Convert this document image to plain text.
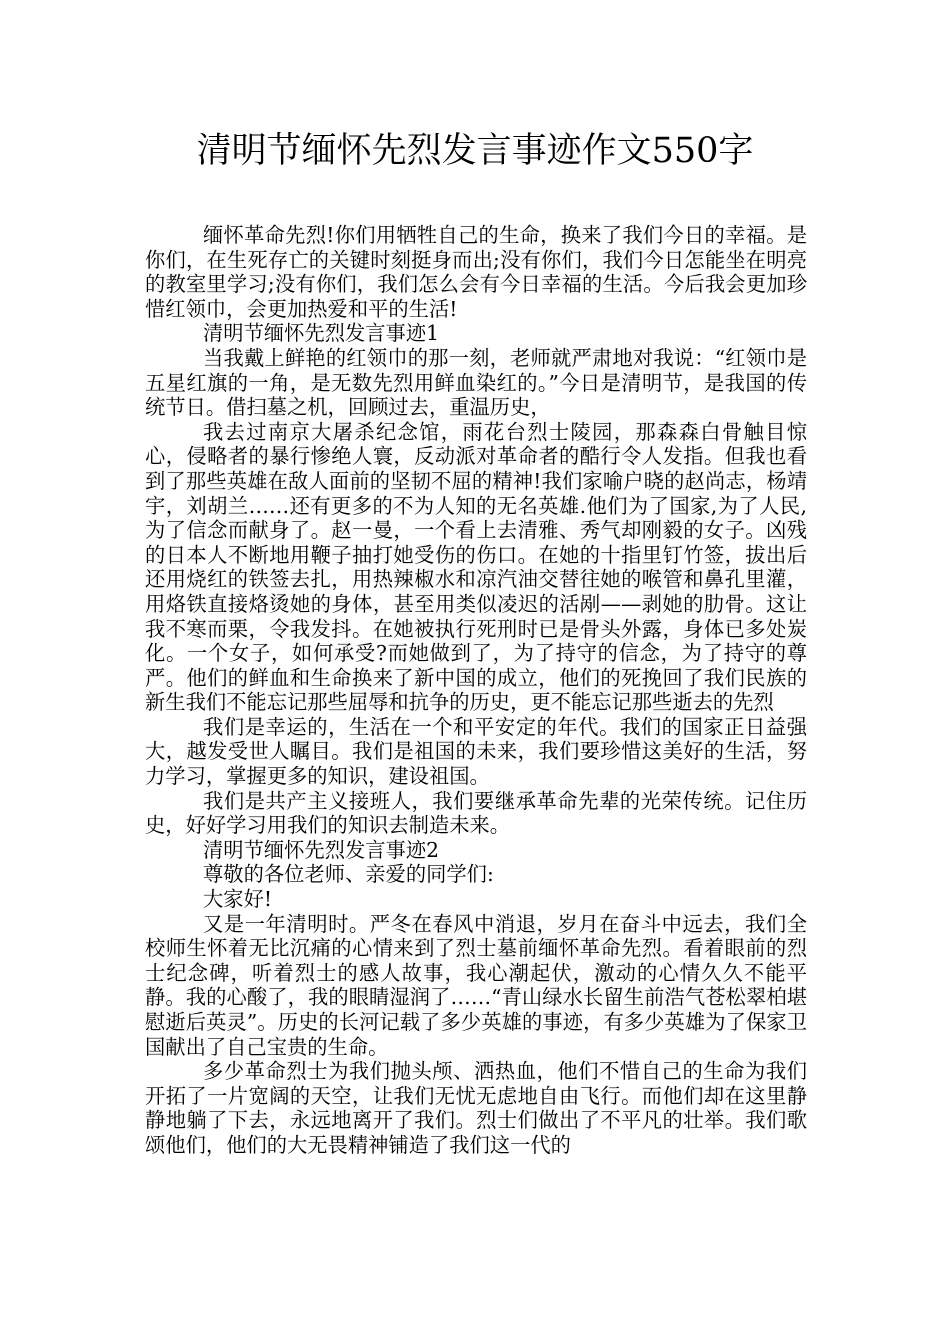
清明节缅怀先烈发言事迹作文550字

缅怀革命先烈!你们用牺牲自己的生命，换来了我们今日的幸福。是你们，在生死存亡的关键时刻挺身而出;没有你们，我们今日怎能坐在明亮的教室里学习;没有你们，我们怎么会有今日幸福的生活。今后我会更加珍惜红领巾，会更加热爱和平的生活!

清明节缅怀先烈发言事迹1

当我戴上鲜艳的红领巾的那一刻，老师就严肃地对我说：“红领巾是五星红旗的一角，是无数先烈用鲜血染红的。”今日是清明节，是我国的传统节日。借扫墓之机，回顾过去，重温历史，

我去过南京大屠杀纪念馆，雨花台烈士陵园，那森森白骨触目惊心，侵略者的暴行惨绝人寰，反动派对革命者的酷行令人发指。但我也看到了那些英雄在敌人面前的坚韧不屈的精神!我们家喻户晓的赵尚志，杨靖宇，刘胡兰……还有更多的不为人知的无名英雄.他们为了国家,为了人民,为了信念而献身了。赵一曼，一个看上去清雅、秀气却刚毅的女子。凶残的日本人不断地用鞭子抽打她受伤的伤口。在她的十指里钉竹签，拔出后还用烧红的铁签去扎，用热辣椒水和凉汽油交替往她的喉管和鼻孔里灌，用烙铁直接烙烫她的身体，甚至用类似凌迟的活剐——剥她的肋骨。这让我不寒而栗，令我发抖。在她被执行死刑时已是骨头外露，身体已多处炭化。一个女子，如何承受?而她做到了，为了持守的信念，为了持守的尊严。他们的鲜血和生命换来了新中国的成立，他们的死挽回了我们民族的新生我们不能忘记那些屈辱和抗争的历史，更不能忘记那些逝去的先烈

我们是幸运的，生活在一个和平安定的年代。我们的国家正日益强大，越发受世人瞩目。我们是祖国的未来，我们要珍惜这美好的生活，努力学习，掌握更多的知识，建设祖国。

我们是共产主义接班人，我们要继承革命先辈的光荣传统。记住历史，好好学习用我们的知识去制造未来。

清明节缅怀先烈发言事迹2

尊敬的各位老师、亲爱的同学们:

大家好!

又是一年清明时。严冬在春风中消退，岁月在奋斗中远去，我们全校师生怀着无比沉痛的心情来到了烈士墓前缅怀革命先烈。看着眼前的烈士纪念碑，听着烈士的感人故事，我心潮起伏，激动的心情久久不能平静。我的心酸了，我的眼睛湿润了……“青山绿水长留生前浩气苍松翠柏堪慰逝后英灵”。历史的长河记载了多少英雄的事迹，有多少英雄为了保家卫国献出了自己宝贵的生命。

多少革命烈士为我们抛头颅、洒热血，他们不惜自己的生命为我们开拓了一片宽阔的天空，让我们无忧无虑地自由飞行。而他们却在这里静静地躺了下去，永远地离开了我们。烈士们做出了不平凡的壮举。我们歌颂他们，他们的大无畏精神铺造了我们这一代的
